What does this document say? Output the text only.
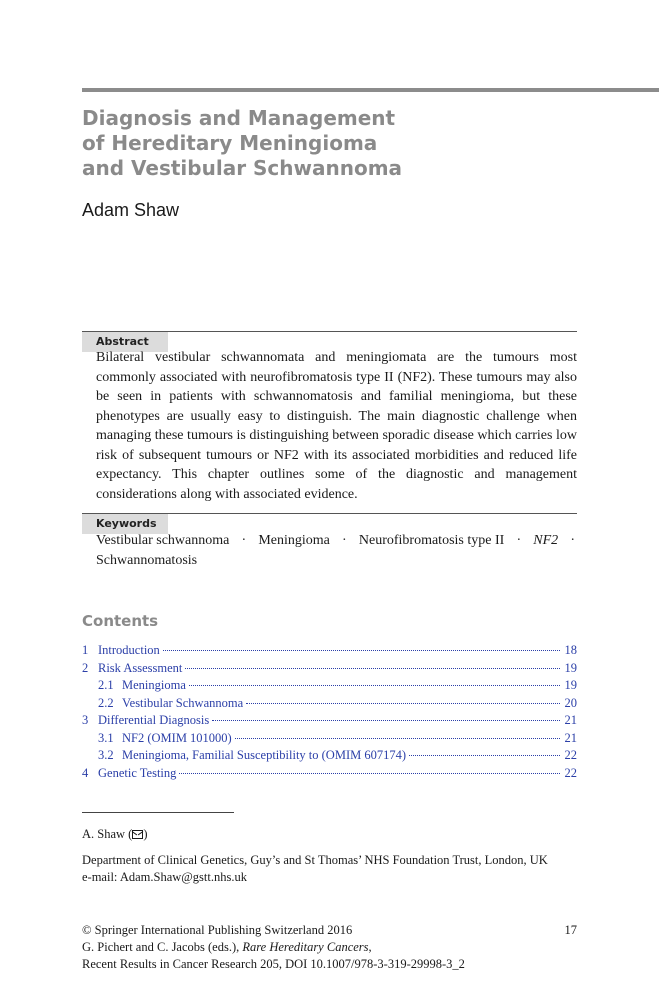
Diagnosis and Management
of Hereditary Meningioma
and Vestibular Schwannoma
Adam Shaw
Abstract

Bilateral vestibular schwannomata and meningiomata are the tumours most commonly associated with neurofibromatosis type II (NF2). These tumours may also be seen in patients with schwannomatosis and familial meningioma, but these phenotypes are usually easy to distinguish. The main diagnostic challenge when managing these tumours is distinguishing between sporadic disease which carries low risk of subsequent tumours or NF2 with its associated morbidities and reduced life expectancy. This chapter outlines some of the diagnostic and management considerations along with associated evidence.

Keywords
Vestibular schwannoma · Meningioma · Neurofibromatosis type II · NF2 ·
Schwannomatosis
Contents
1 Introduction	18
2 Risk Assessment	19
2.1 Meningioma	19
2.2 Vestibular Schwannoma	20
3 Differential Diagnosis	21
3.1 NF2 (OMIM 101000)	21
3.2 Meningioma, Familial Susceptibility to (OMIM 607174)	22
4 Genetic Testing	22
A. Shaw ( )
Department of Clinical Genetics, Guy’s and St Thomas’ NHS Foundation Trust, London, UK
e-mail: Adam.Shaw@gstt.nhs.uk
© Springer International Publishing Switzerland 2016	17
G. Pichert and C. Jacobs (eds.), Rare Hereditary Cancers,
Recent Results in Cancer Research 205, DOI 10.1007/978-3-319-29998-3_2
